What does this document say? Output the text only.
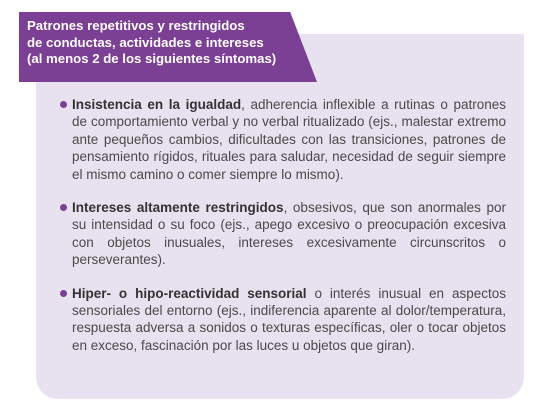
Patrones repetitivos y restringidos
de conductas, actividades e intereses
(al menos 2 de los siguientes síntomas)
Insistencia en la igualdad, adherencia inflexible a rutinas o patrones de comportamiento verbal y no verbal ritualizado (ejs., malestar extremo ante pequeños cambios, dificultades con las transiciones, patrones de pensamiento rígidos, rituales para saludar, necesidad de seguir siempre el mismo camino o comer siempre lo mismo).
Intereses altamente restringidos, obsesivos, que son anormales por su intensidad o su foco (ejs., apego excesivo o preocupación excesiva con objetos inusuales, intereses excesivamente circunscritos o perseverantes).
Hiper- o hipo-reactividad sensorial o interés inusual en aspectos sensoriales del entorno (ejs., indiferencia aparente al dolor/temperatura, respuesta adversa a sonidos o texturas específicas, oler o tocar objetos en exceso, fascinación por las luces u objetos que giran).
